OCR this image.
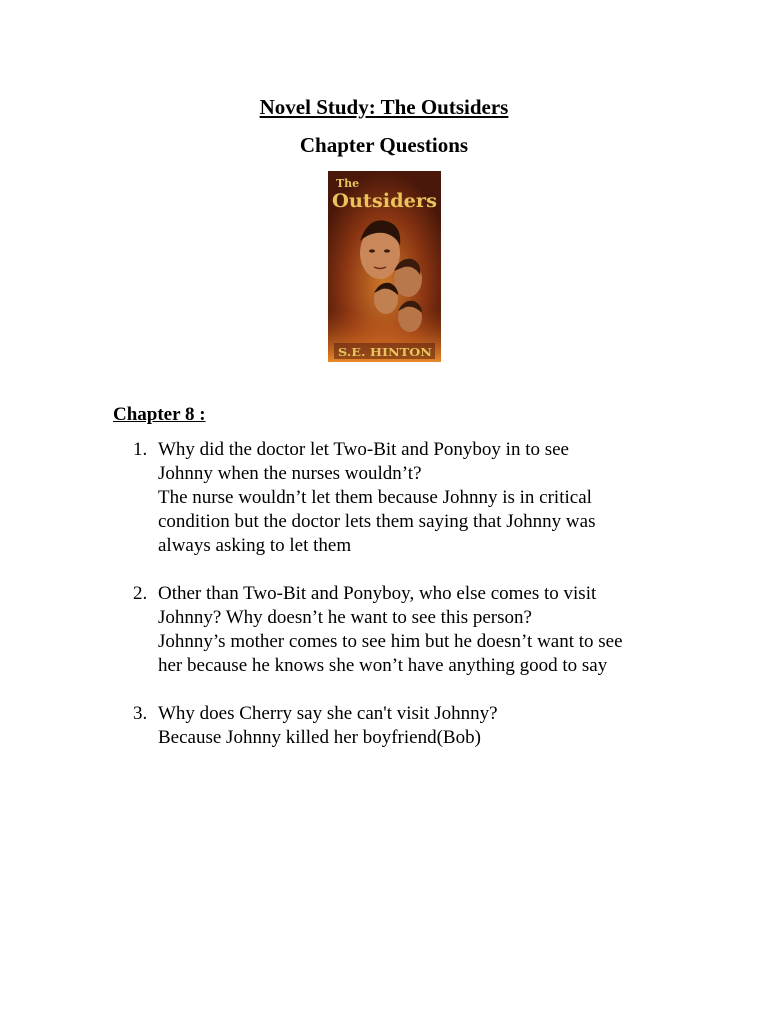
Novel Study: The Outsiders
Chapter Questions
The
Outsiders
S.E. HINTON
Chapter 8 :
1. Why did the doctor let Two-Bit and Ponyboy in to see
Johnny when the nurses wouldn’t?
The nurse wouldn’t let them because Johnny is in critical
condition but the doctor lets them saying that Johnny was
always asking to let them
2. Other than Two-Bit and Ponyboy, who else comes to visit
Johnny? Why doesn’t he want to see this person?
Johnny’s mother comes to see him but he doesn’t want to see
her because he knows she won’t have anything good to say
3. Why does Cherry say she can't visit Johnny?
Because Johnny killed her boyfriend(Bob)
